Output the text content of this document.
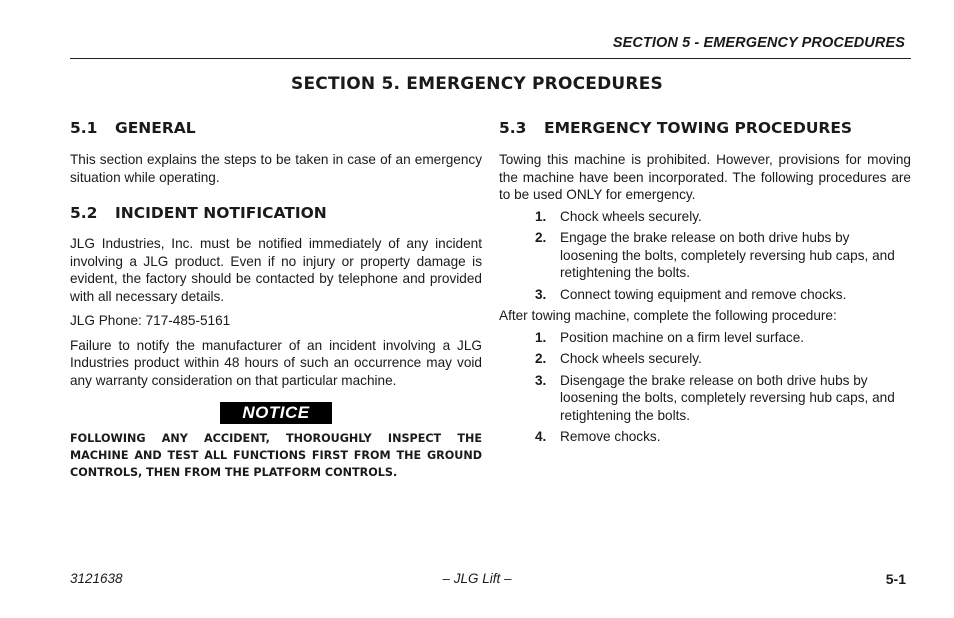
SECTION 5 - EMERGENCY PROCEDURES
SECTION 5. EMERGENCY PROCEDURES
5.1	GENERAL

This section explains the steps to be taken in case of an emergency situation while operating.

5.2	INCIDENT NOTIFICATION

JLG Industries, Inc. must be notified immediately of any incident involving a JLG product. Even if no injury or property damage is evident, the factory should be contacted by telephone and provided with all necessary details.

JLG Phone: 717-485-5161

Failure to notify the manufacturer of an incident involving a JLG Industries product within 48 hours of such an occurrence may void any warranty consideration on that particular machine.

NOTICE
FOLLOWING ANY ACCIDENT, THOROUGHLY INSPECT THE MACHINE AND TEST ALL FUNCTIONS FIRST FROM THE GROUND CONTROLS, THEN FROM THE PLATFORM CONTROLS.
5.3	EMERGENCY TOWING PROCEDURES

Towing this machine is prohibited. However, provisions for moving the machine have been incorporated. The following procedures are to be used ONLY for emergency.

1.	Chock wheels securely.
2.	Engage the brake release on both drive hubs by loosening the bolts, completely reversing hub caps, and retightening the bolts.
3.	Connect towing equipment and remove chocks.

After towing machine, complete the following procedure:

1.	Position machine on a firm level surface.
2.	Chock wheels securely.
3.	Disengage the brake release on both drive hubs by loosening the bolts, completely reversing hub caps, and retightening the bolts.
4.	Remove chocks.
3121638	– JLG Lift –	5-1
